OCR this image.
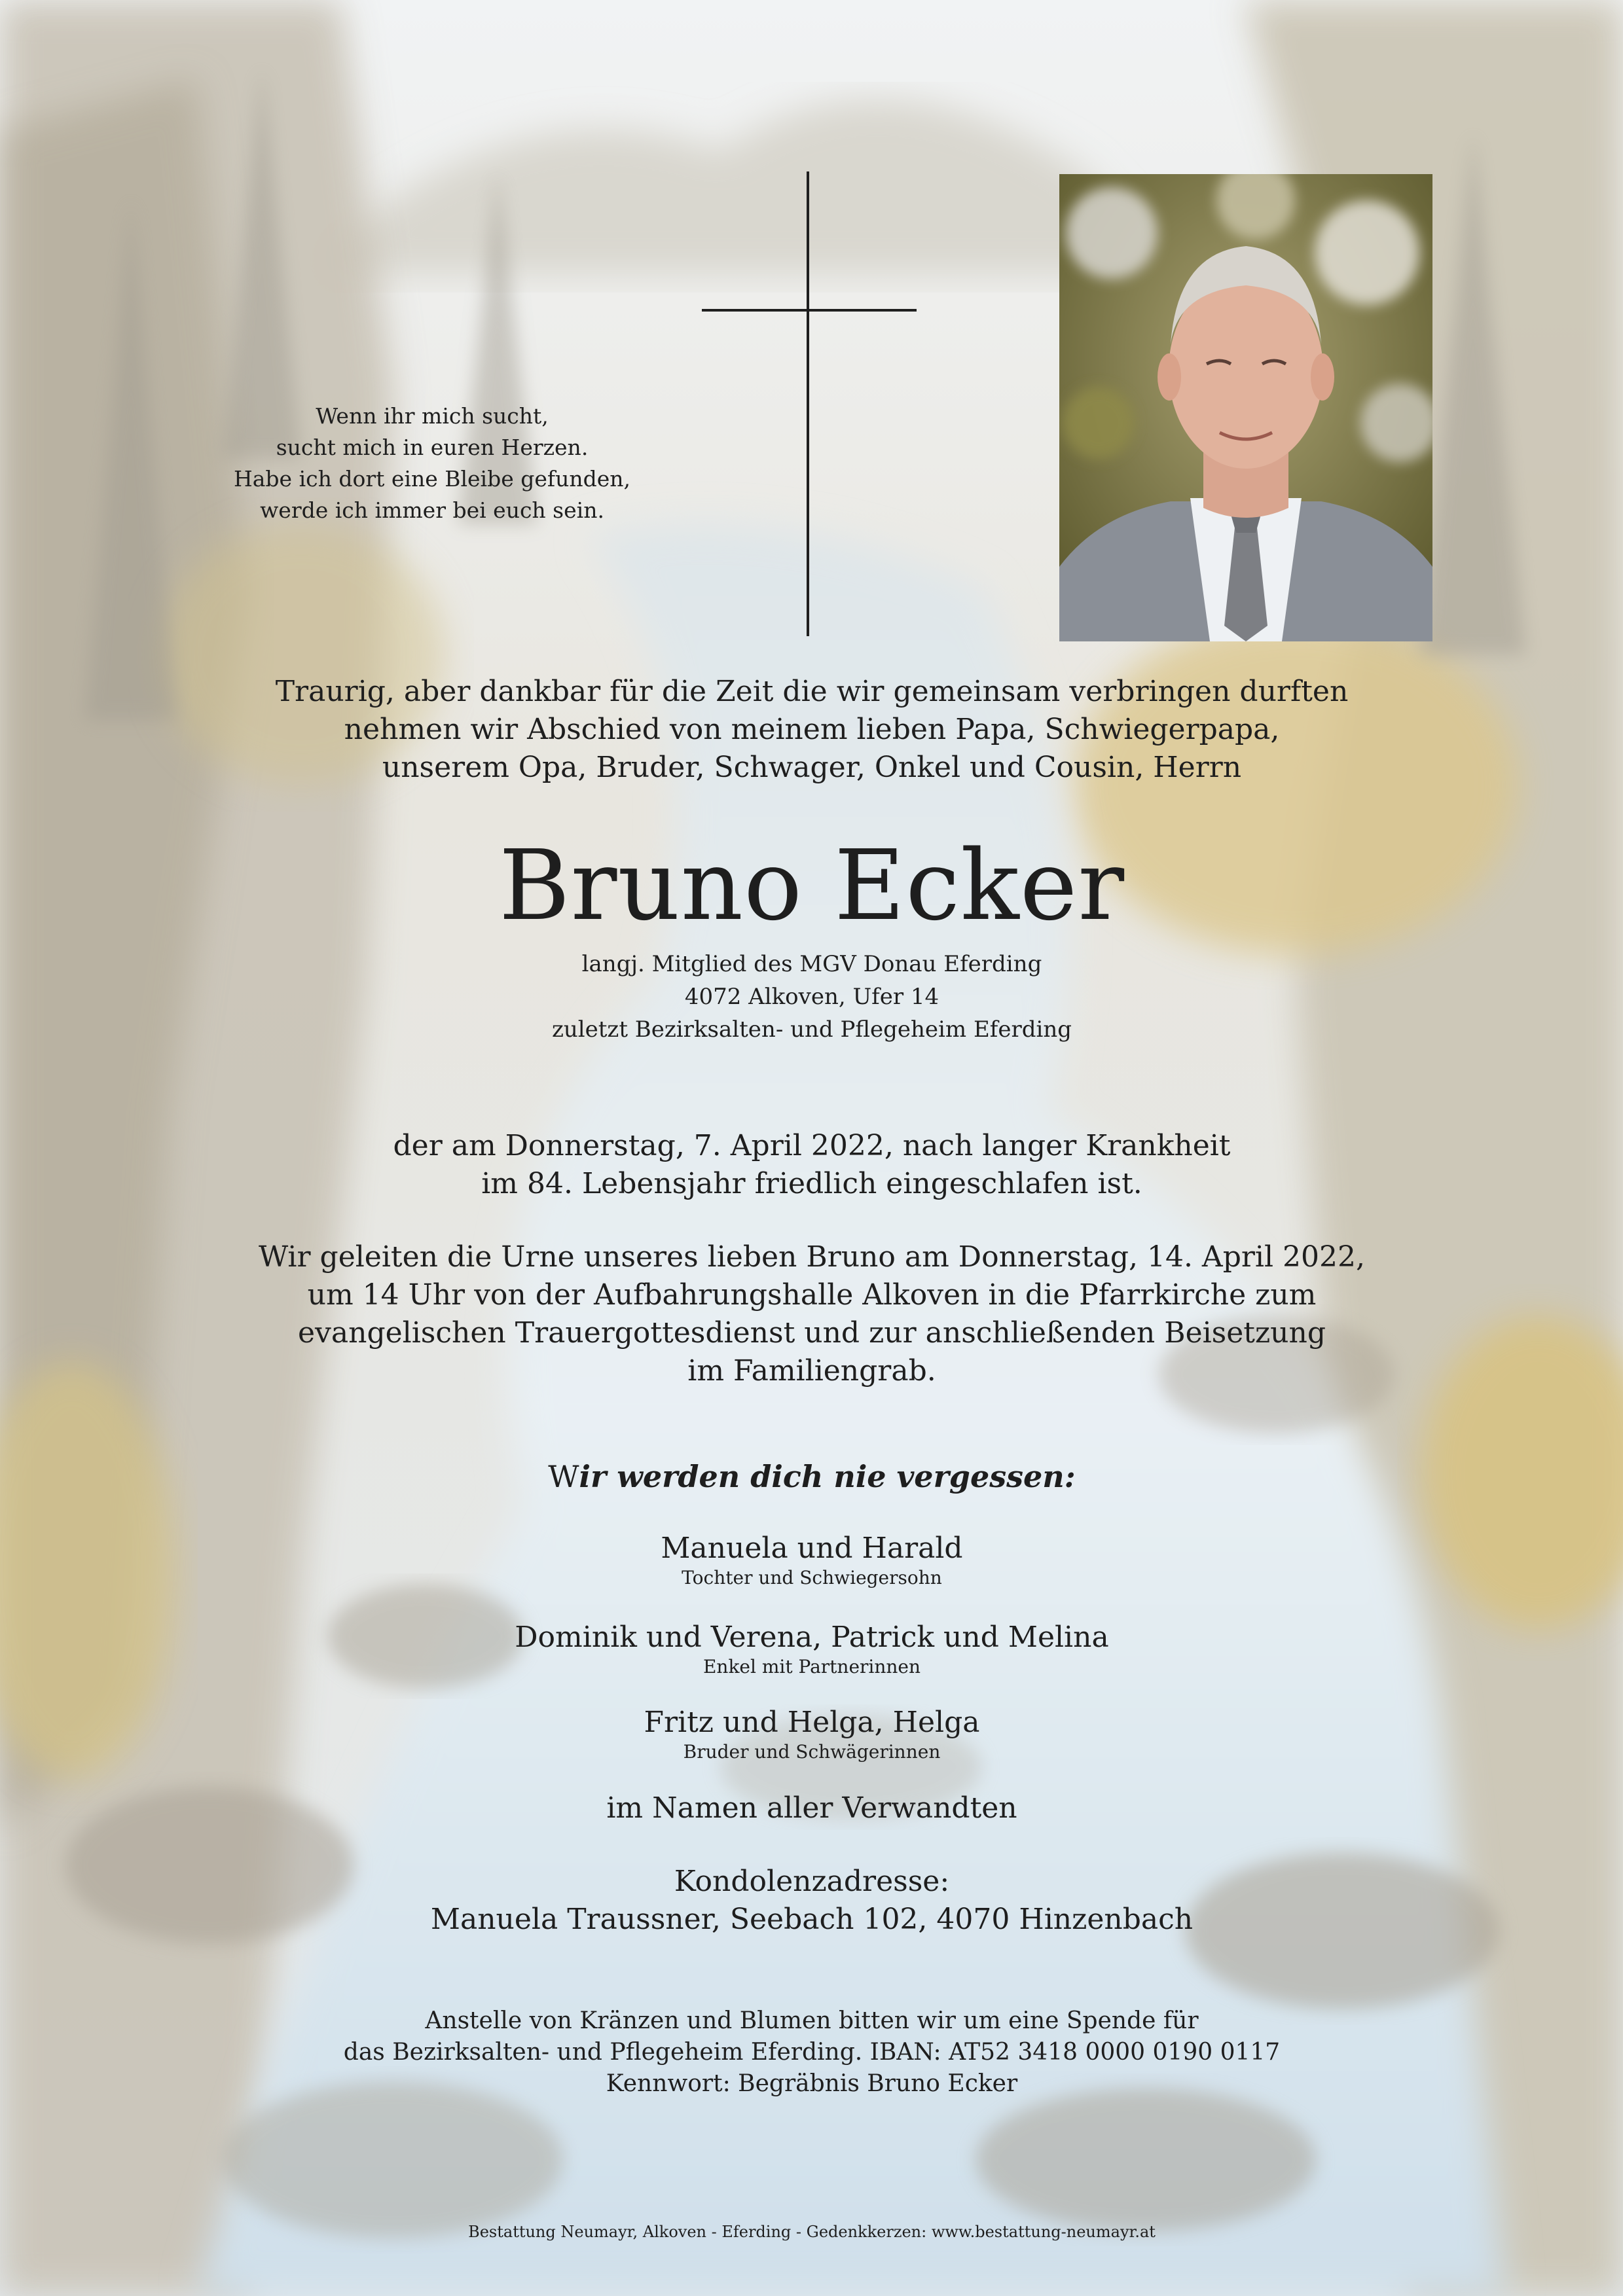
Wenn ihr mich sucht,
sucht mich in euren Herzen.
Habe ich dort eine Bleibe gefunden,
werde ich immer bei euch sein.
Traurig, aber dankbar für die Zeit die wir gemeinsam verbringen durften
nehmen wir Abschied von meinem lieben Papa, Schwiegerpapa,
unserem Opa, Bruder, Schwager, Onkel und Cousin, Herrn
Bruno Ecker
langj. Mitglied des MGV Donau Eferding
4072 Alkoven, Ufer 14
zuletzt Bezirksalten- und Pflegeheim Eferding
der am Donnerstag, 7. April 2022, nach langer Krankheit
im 84. Lebensjahr friedlich eingeschlafen ist.
Wir geleiten die Urne unseres lieben Bruno am Donnerstag, 14. April 2022,
um 14 Uhr von der Aufbahrungshalle Alkoven in die Pfarrkirche zum
evangelischen Trauergottesdienst und zur anschließenden Beisetzung
im Familiengrab.
Wir werden dich nie vergessen:
Manuela und Harald
Tochter und Schwiegersohn
Dominik und Verena, Patrick und Melina
Enkel mit Partnerinnen
Fritz und Helga, Helga
Bruder und Schwägerinnen
im Namen aller Verwandten
Kondolenzadresse:
Manuela Traussner, Seebach 102, 4070 Hinzenbach
Anstelle von Kränzen und Blumen bitten wir um eine Spende für
das Bezirksalten- und Pflegeheim Eferding. IBAN: AT52 3418 0000 0190 0117
Kennwort: Begräbnis Bruno Ecker
Bestattung Neumayr, Alkoven - Eferding - Gedenkkerzen: www.bestattung-neumayr.at
